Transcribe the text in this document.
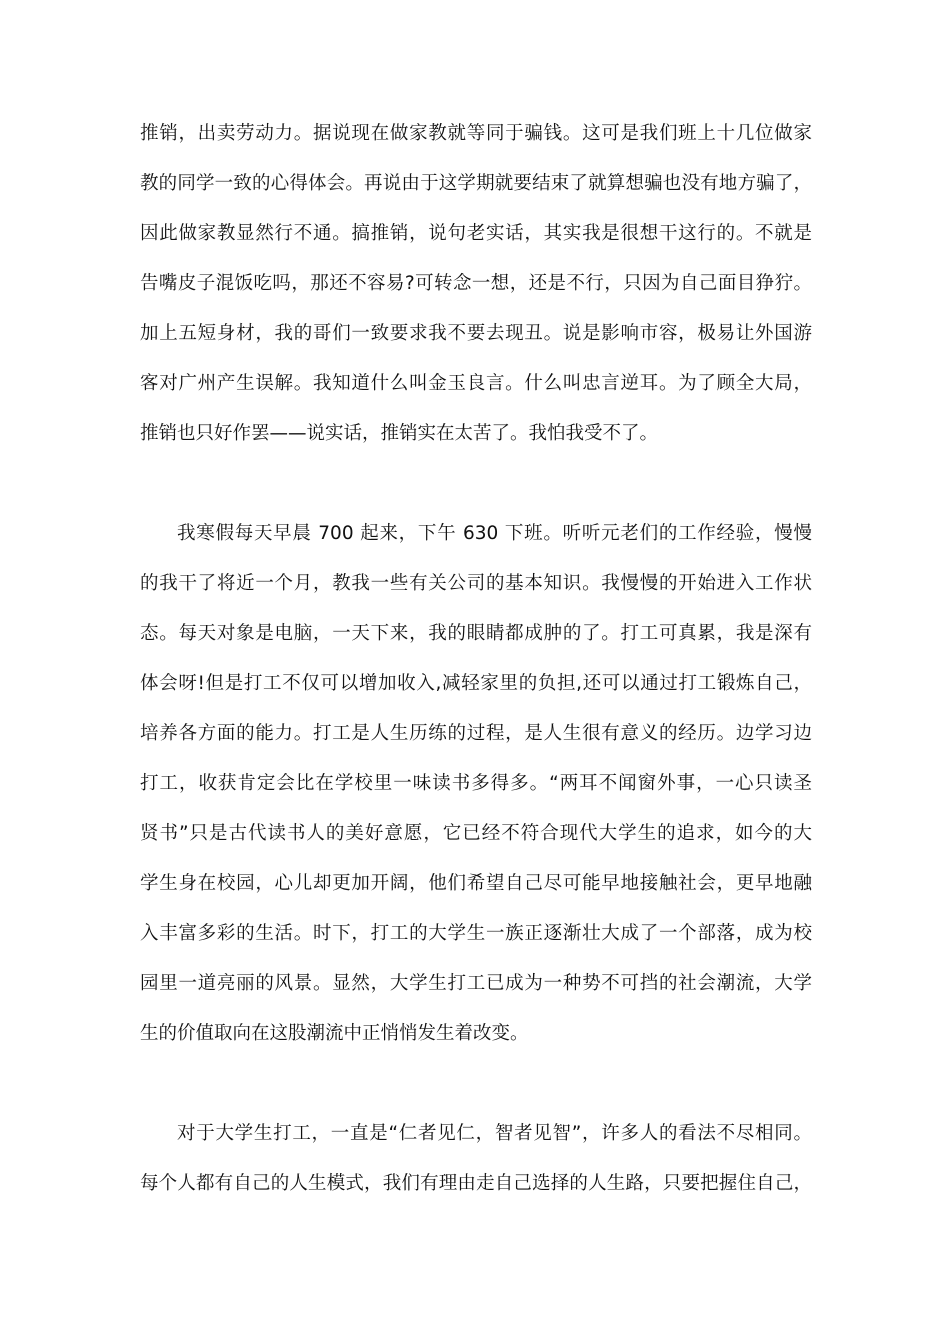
推销，出卖劳动力。据说现在做家教就等同于骗钱。这可是我们班上十几位做家
教的同学一致的心得体会。再说由于这学期就要结束了就算想骗也没有地方骗了，
因此做家教显然行不通。搞推销，说句老实话，其实我是很想干这行的。不就是
告嘴皮子混饭吃吗，那还不容易?可转念一想，还是不行，只因为自己面目狰狞。
加上五短身材，我的哥们一致要求我不要去现丑。说是影响市容，极易让外国游
客对广州产生误解。我知道什么叫金玉良言。什么叫忠言逆耳。为了顾全大局，
推销也只好作罢——说实话，推销实在太苦了。我怕我受不了。
我寒假每天早晨 700 起来，下午 630 下班。听听元老们的工作经验，慢慢
的我干了将近一个月，教我一些有关公司的基本知识。我慢慢的开始进入工作状
态。每天对象是电脑，一天下来，我的眼睛都成肿的了。打工可真累，我是深有
体会呀!但是打工不仅可以增加收入,减轻家里的负担,还可以通过打工锻炼自己，
培养各方面的能力。打工是人生历练的过程，是人生很有意义的经历。边学习边
打工，收获肯定会比在学校里一味读书多得多。“两耳不闻窗外事，一心只读圣
贤书”只是古代读书人的美好意愿，它已经不符合现代大学生的追求，如今的大
学生身在校园，心儿却更加开阔，他们希望自己尽可能早地接触社会，更早地融
入丰富多彩的生活。时下，打工的大学生一族正逐渐壮大成了一个部落，成为校
园里一道亮丽的风景。显然，大学生打工已成为一种势不可挡的社会潮流，大学
生的价值取向在这股潮流中正悄悄发生着改变。
对于大学生打工，一直是“仁者见仁，智者见智”，许多人的看法不尽相同。
每个人都有自己的人生模式，我们有理由走自己选择的人生路，只要把握住自己，
